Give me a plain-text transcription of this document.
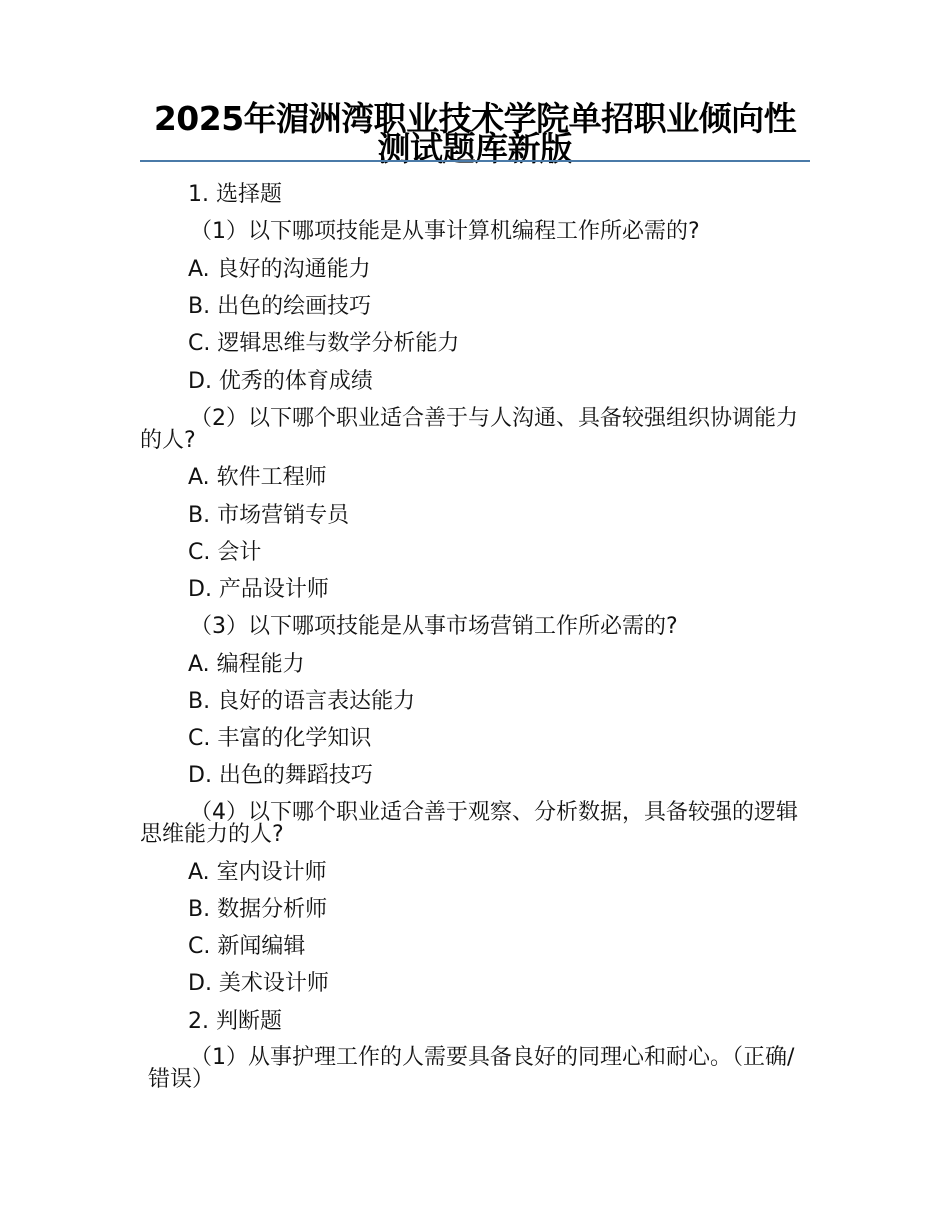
2025年湄洲湾职业技术学院单招职业倾向性测试题库新版
1. 选择题
（1）以下哪项技能是从事计算机编程工作所必需的?
A. 良好的沟通能力
B. 出色的绘画技巧
C. 逻辑思维与数学分析能力
D. 优秀的体育成绩
（2）以下哪个职业适合善于与人沟通、具备较强组织协调能力的人?
A. 软件工程师
B. 市场营销专员
C. 会计
D. 产品设计师
（3）以下哪项技能是从事市场营销工作所必需的?
A. 编程能力
B. 良好的语言表达能力
C. 丰富的化学知识
D. 出色的舞蹈技巧
（4）以下哪个职业适合善于观察、分析数据，具备较强的逻辑思维能力的人?
A. 室内设计师
B. 数据分析师
C. 新闻编辑
D. 美术设计师
2. 判断题
（1）从事护理工作的人需要具备良好的同理心和耐心。（正确/错误）
